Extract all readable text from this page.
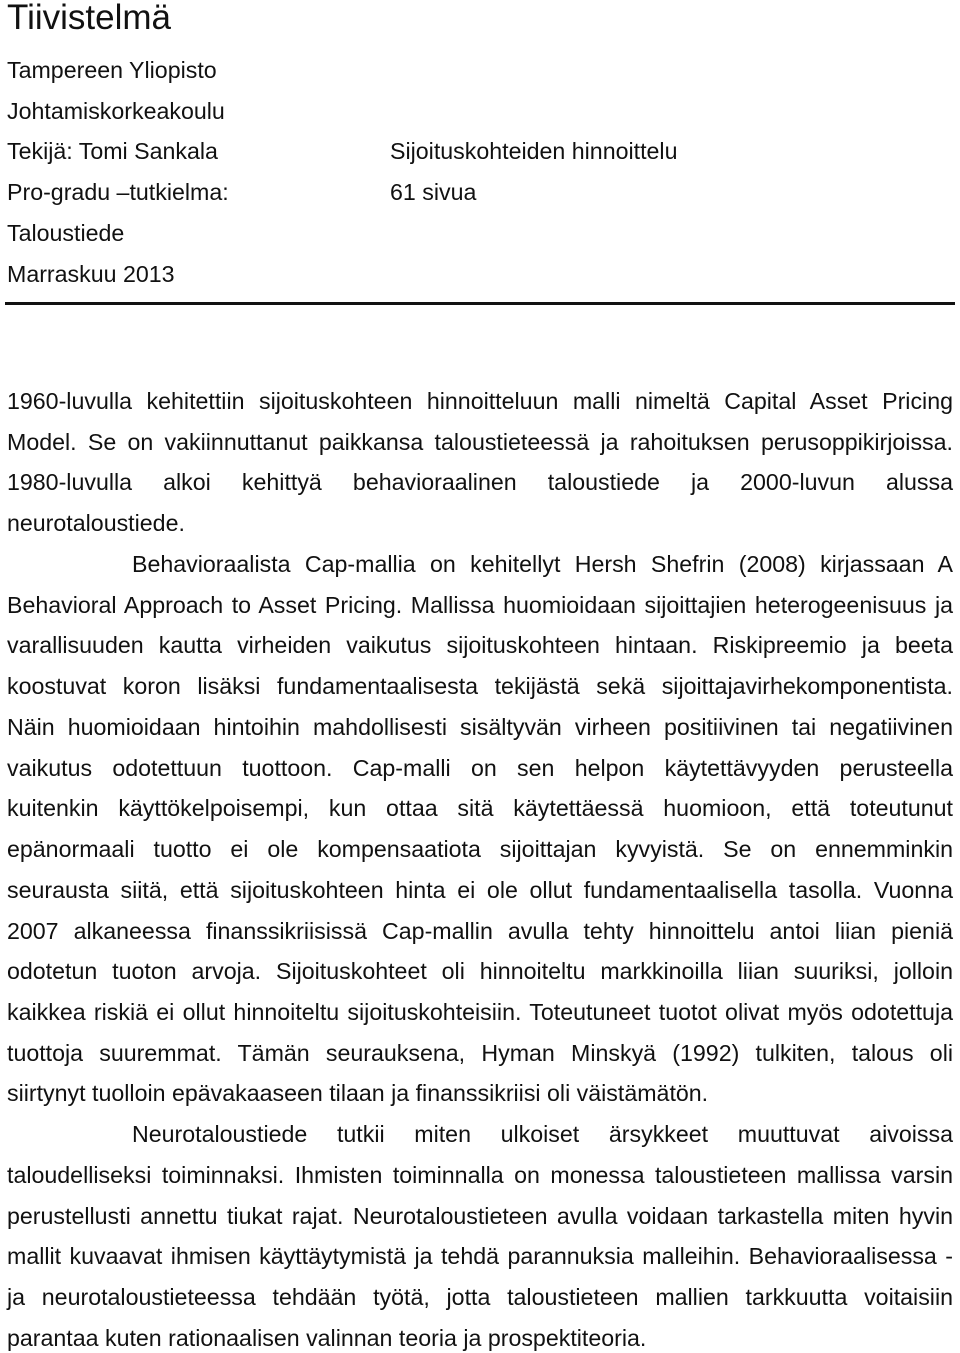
Tiivistelmä
Tampereen Yliopisto
Johtamiskorkeakoulu
Tekijä: Tomi Sankala	Sijoituskohteiden hinnoittelu
Pro-gradu –tutkielma:	61 sivua
Taloustiede
Marraskuu 2013
1960-luvulla kehitettiin sijoituskohteen hinnoitteluun malli nimeltä Capital Asset Pricing
Model. Se on vakiinnuttanut paikkansa taloustieteessä ja rahoituksen perusoppikirjoissa.
1980-luvulla alkoi kehittyä behavioraalinen taloustiede ja 2000-luvun alussa
neurotaloustiede.
Behavioraalista Cap-mallia on kehitellyt Hersh Shefrin (2008) kirjassaan A
Behavioral Approach to Asset Pricing. Mallissa huomioidaan sijoittajien heterogeenisuus ja
varallisuuden kautta virheiden vaikutus sijoituskohteen hintaan. Riskipreemio ja beeta
koostuvat koron lisäksi fundamentaalisesta tekijästä sekä sijoittajavirhekomponentista.
Näin huomioidaan hintoihin mahdollisesti sisältyvän virheen positiivinen tai negatiivinen
vaikutus odotettuun tuottoon. Cap-malli on sen helpon käytettävyyden perusteella
kuitenkin käyttökelpoisempi, kun ottaa sitä käytettäessä huomioon, että toteutunut
epänormaali tuotto ei ole kompensaatiota sijoittajan kyvyistä. Se on ennemminkin
seurausta siitä, että sijoituskohteen hinta ei ole ollut fundamentaalisella tasolla. Vuonna
2007 alkaneessa finanssikriisissä Cap-mallin avulla tehty hinnoittelu antoi liian pieniä
odotetun tuoton arvoja. Sijoituskohteet oli hinnoiteltu markkinoilla liian suuriksi, jolloin
kaikkea riskiä ei ollut hinnoiteltu sijoituskohteisiin. Toteutuneet tuotot olivat myös odotettuja
tuottoja suuremmat. Tämän seurauksena, Hyman Minskyä (1992) tulkiten, talous oli
siirtynyt tuolloin epävakaaseen tilaan ja finanssikriisi oli väistämätön.
Neurotaloustiede tutkii miten ulkoiset ärsykkeet muuttuvat aivoissa
taloudelliseksi toiminnaksi. Ihmisten toiminnalla on monessa taloustieteen mallissa varsin
perustellusti annettu tiukat rajat. Neurotaloustieteen avulla voidaan tarkastella miten hyvin
mallit kuvaavat ihmisen käyttäytymistä ja tehdä parannuksia malleihin. Behavioraalisessa -
ja neurotaloustieteessa tehdään työtä, jotta taloustieteen mallien tarkkuutta voitaisiin
parantaa kuten rationaalisen valinnan teoria ja prospektiteoria.
